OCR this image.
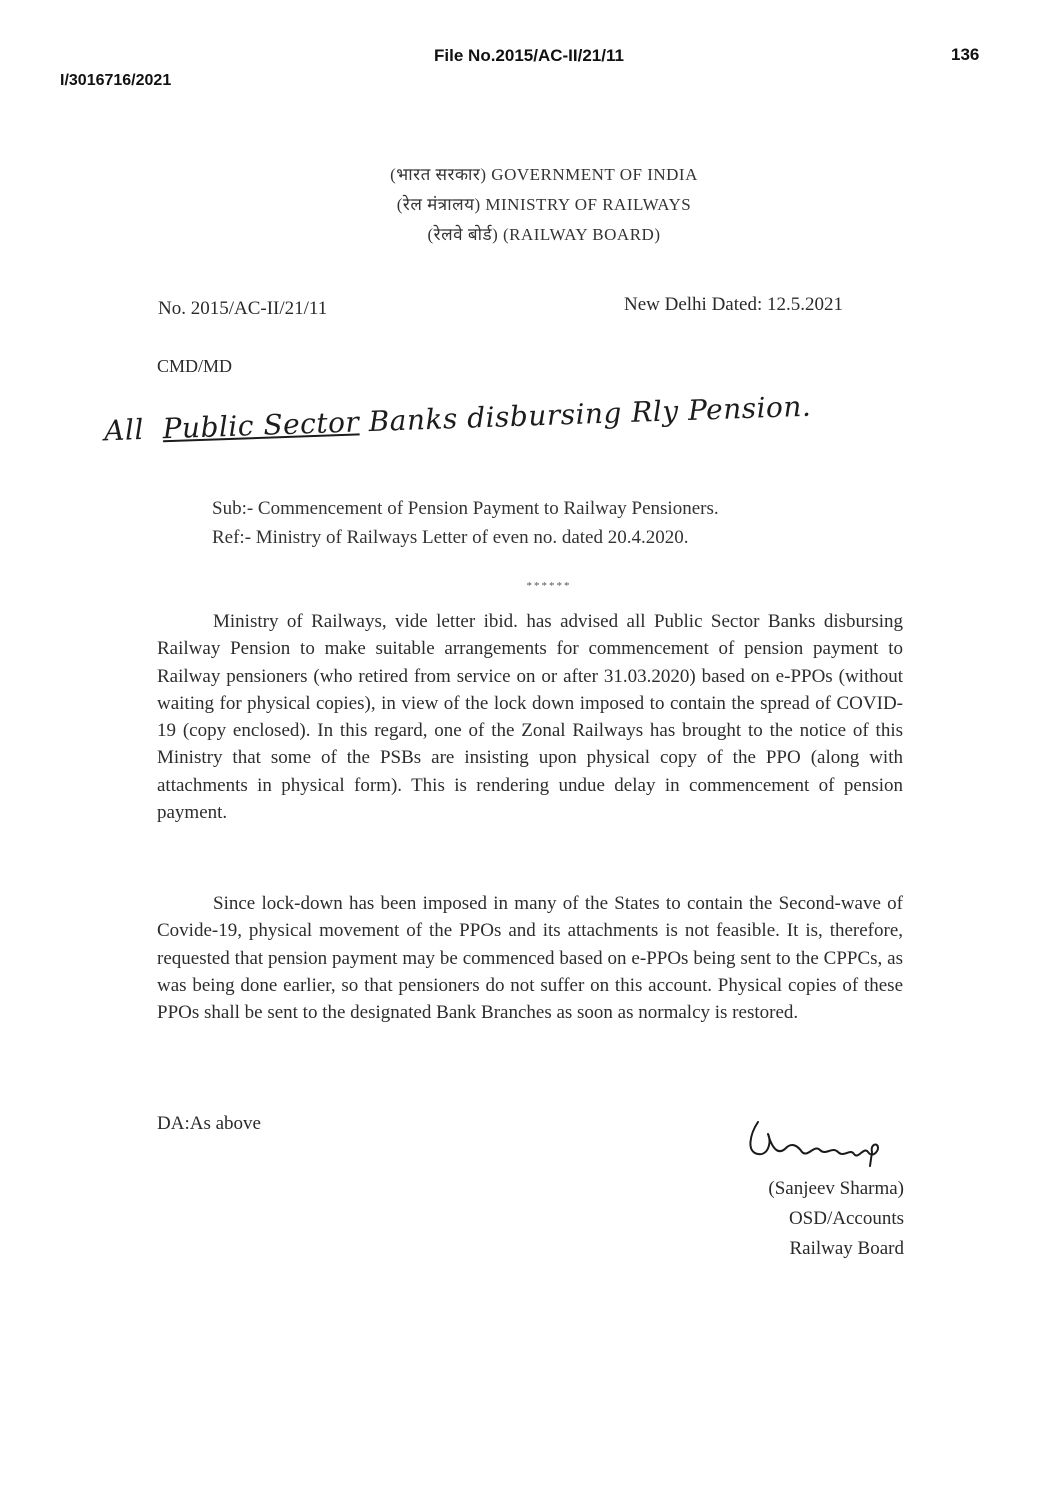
File No.2015/AC-II/21/11	136
I/3016716/2021
(भारत सरकार) GOVERNMENT OF INDIA
(रेल मंत्रालय) MINISTRY OF RAILWAYS
(रेलवे बोर्ड) (RAILWAY BOARD)
No. 2015/AC-II/21/11	New Delhi Dated: 12.5.2021
CMD/MD
All Public Sector Banks disbursing Rly Pension.
Sub:- Commencement of Pension Payment to Railway Pensioners.
Ref:- Ministry of Railways Letter of even no. dated 20.4.2020.
******
Ministry of Railways, vide letter ibid. has advised all Public Sector Banks disbursing Railway Pension to make suitable arrangements for commencement of pension payment to Railway pensioners (who retired from service on or after 31.03.2020) based on e-PPOs (without waiting for physical copies), in view of the lock down imposed to contain the spread of COVID-19 (copy enclosed). In this regard, one of the Zonal Railways has brought to the notice of this Ministry that some of the PSBs are insisting upon physical copy of the PPO (along with attachments in physical form). This is rendering undue delay in commencement of pension payment.
Since lock-down has been imposed in many of the States to contain the Second-wave of Covide-19, physical movement of the PPOs and its attachments is not feasible. It is, therefore, requested that pension payment may be commenced based on e-PPOs being sent to the CPPCs, as was being done earlier, so that pensioners do not suffer on this account. Physical copies of these PPOs shall be sent to the designated Bank Branches as soon as normalcy is restored.
DA:As above
(Sanjeev Sharma)
OSD/Accounts
Railway Board
